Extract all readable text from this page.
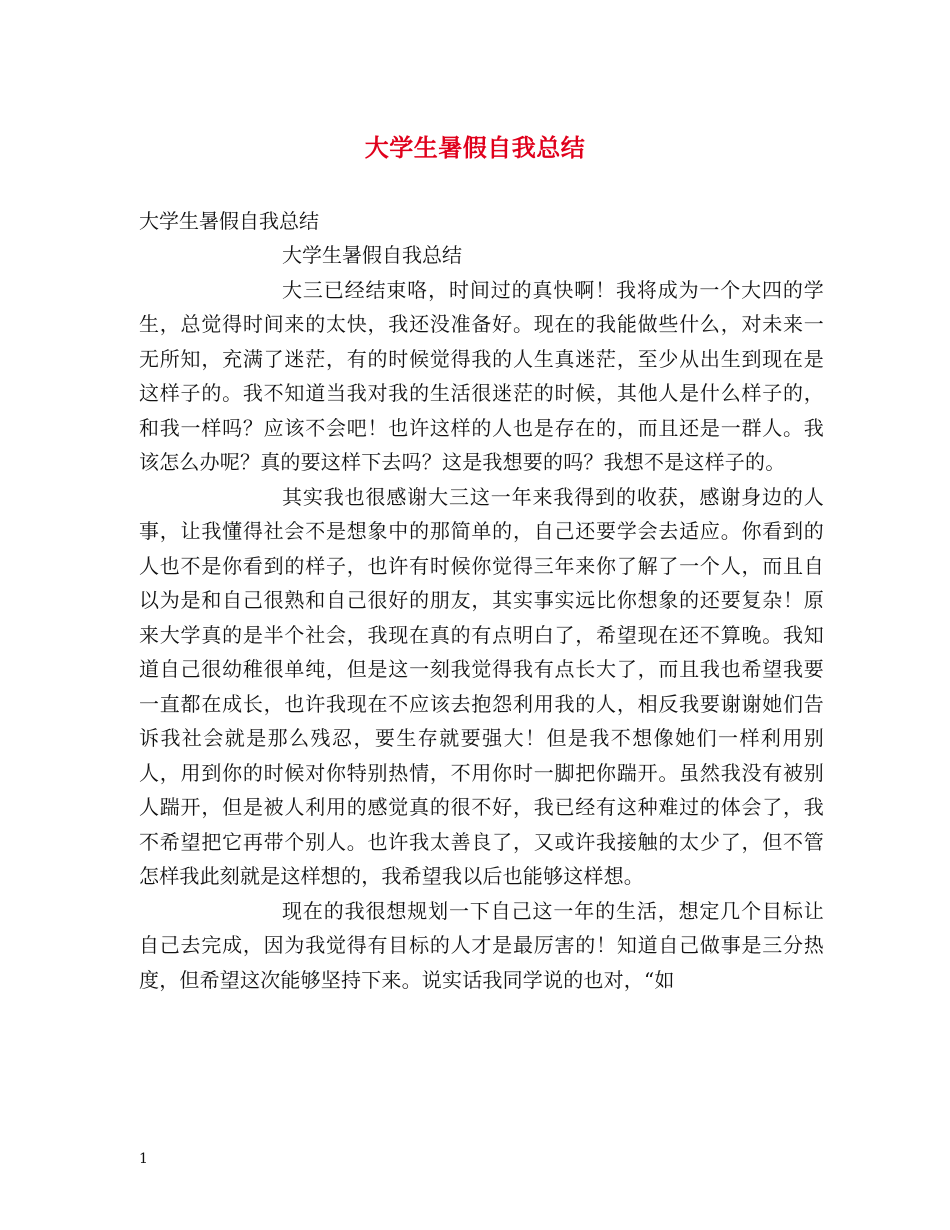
大学生暑假自我总结
大学生暑假自我总结
大学生暑假自我总结

大三已经结束咯，时间过的真快啊！我将成为一个大四的学生，总觉得时间来的太快，我还没准备好。现在的我能做些什么，对未来一无所知，充满了迷茫，有的时候觉得我的人生真迷茫，至少从出生到现在是这样子的。我不知道当我对我的生活很迷茫的时候，其他人是什么样子的，和我一样吗？应该不会吧！也许这样的人也是存在的，而且还是一群人。我该怎么办呢？真的要这样下去吗？这是我想要的吗？我想不是这样子的。

其实我也很感谢大三这一年来我得到的收获，感谢身边的人事，让我懂得社会不是想象中的那简单的，自己还要学会去适应。你看到的人也不是你看到的样子，也许有时候你觉得三年来你了解了一个人，而且自以为是和自己很熟和自己很好的朋友，其实事实远比你想象的还要复杂！原来大学真的是半个社会，我现在真的有点明白了，希望现在还不算晚。我知道自己很幼稚很单纯，但是这一刻我觉得我有点长大了，而且我也希望我要一直都在成长，也许我现在不应该去抱怨利用我的人，相反我要谢谢她们告诉我社会就是那么残忍，要生存就要强大！但是我不想像她们一样利用别人，用到你的时候对你特别热情，不用你时一脚把你踹开。虽然我没有被别人踹开，但是被人利用的感觉真的很不好，我已经有这种难过的体会了，我不希望把它再带个别人。也许我太善良了，又或许我接触的太少了，但不管怎样我此刻就是这样想的，我希望我以后也能够这样想。

现在的我很想规划一下自己这一年的生活，想定几个目标让自己去完成，因为我觉得有目标的人才是最厉害的！知道自己做事是三分热度，但希望这次能够坚持下来。说实话我同学说的也对，“如

1
